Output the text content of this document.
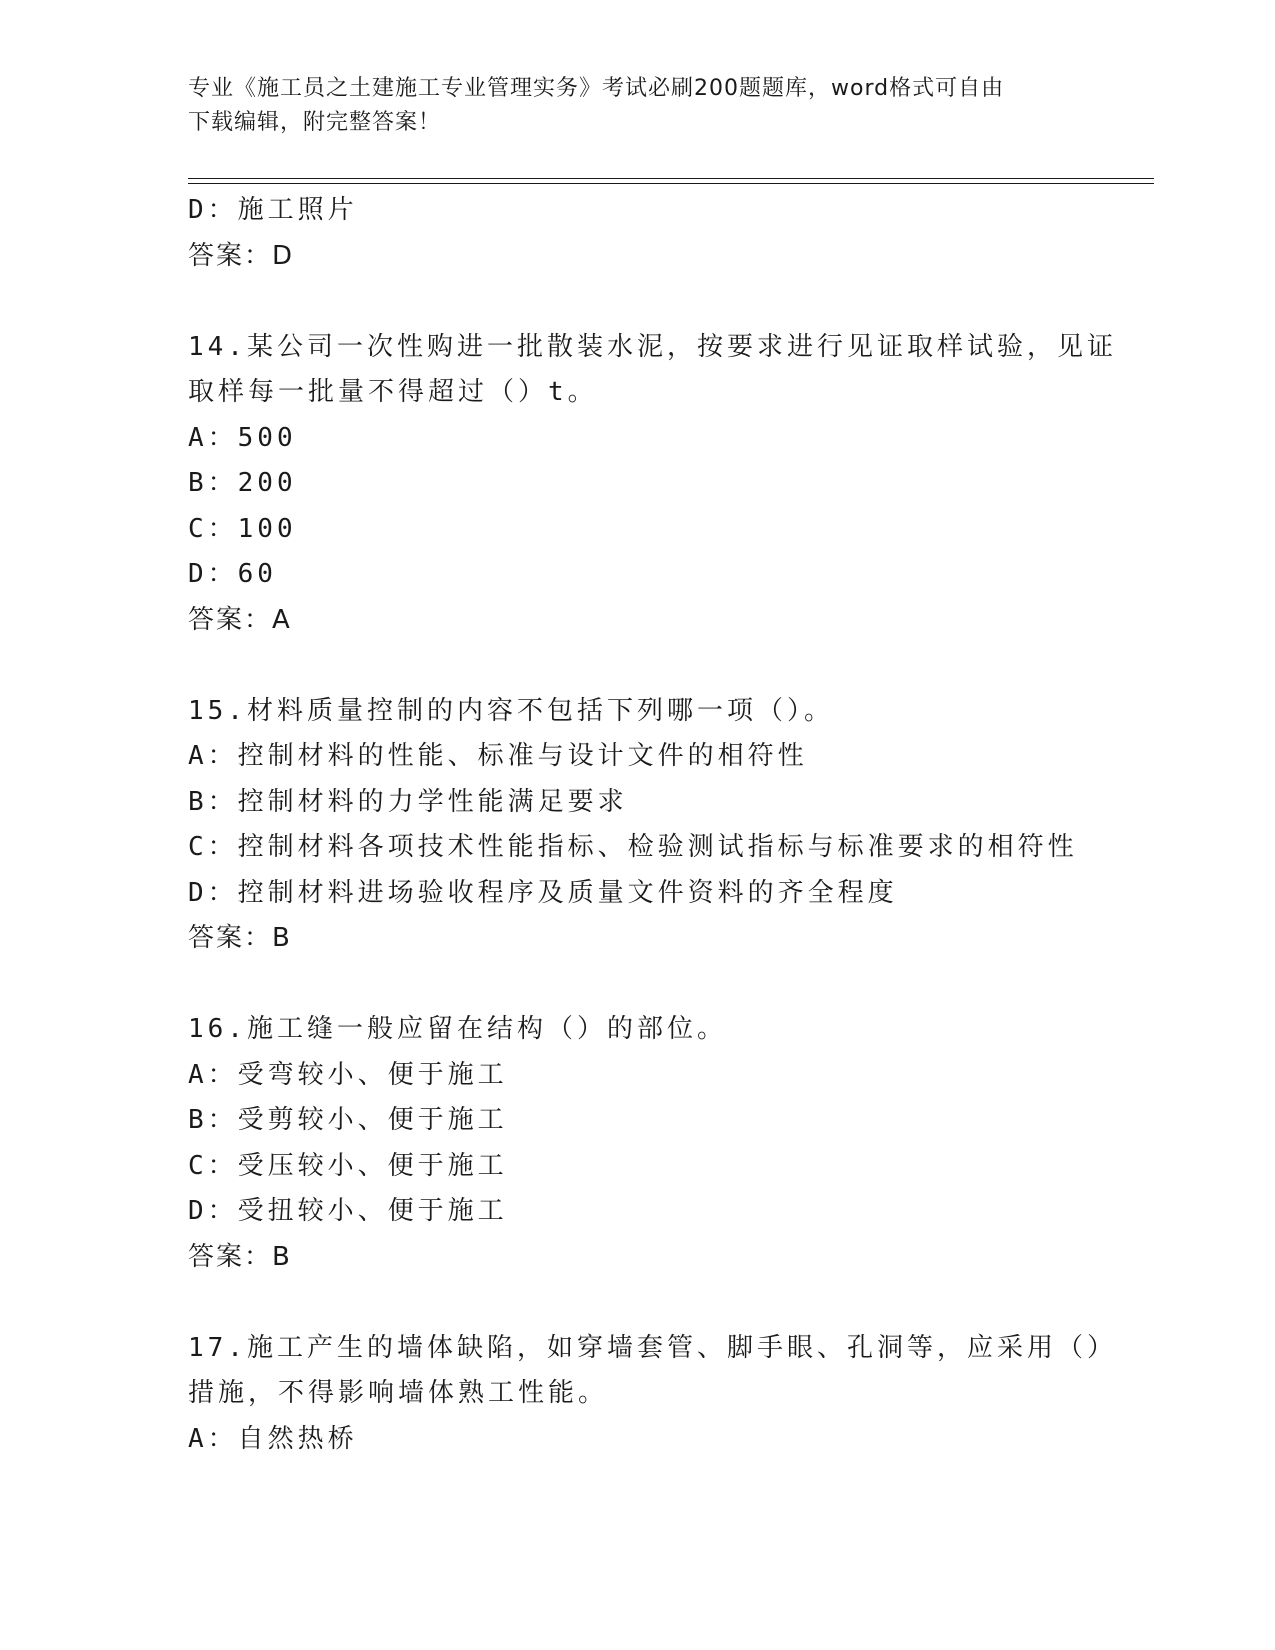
专业《施工员之土建施工专业管理实务》考试必刷200题题库，word格式可自由
下载编辑，附完整答案！
D：施工照片
答案：D
14.某公司一次性购进一批散装水泥，按要求进行见证取样试验，见证
取样每一批量不得超过（）t。
A：500
B：200
C：100
D：60
答案：A
15.材料质量控制的内容不包括下列哪一项（）。
A：控制材料的性能、标准与设计文件的相符性
B：控制材料的力学性能满足要求
C：控制材料各项技术性能指标、检验测试指标与标准要求的相符性
D：控制材料进场验收程序及质量文件资料的齐全程度
答案：B
16.施工缝一般应留在结构（）的部位。
A：受弯较小、便于施工
B：受剪较小、便于施工
C：受压较小、便于施工
D：受扭较小、便于施工
答案：B
17.施工产生的墙体缺陷，如穿墙套管、脚手眼、孔洞等，应采用（）
措施，不得影响墙体熟工性能。
A：自然热桥
